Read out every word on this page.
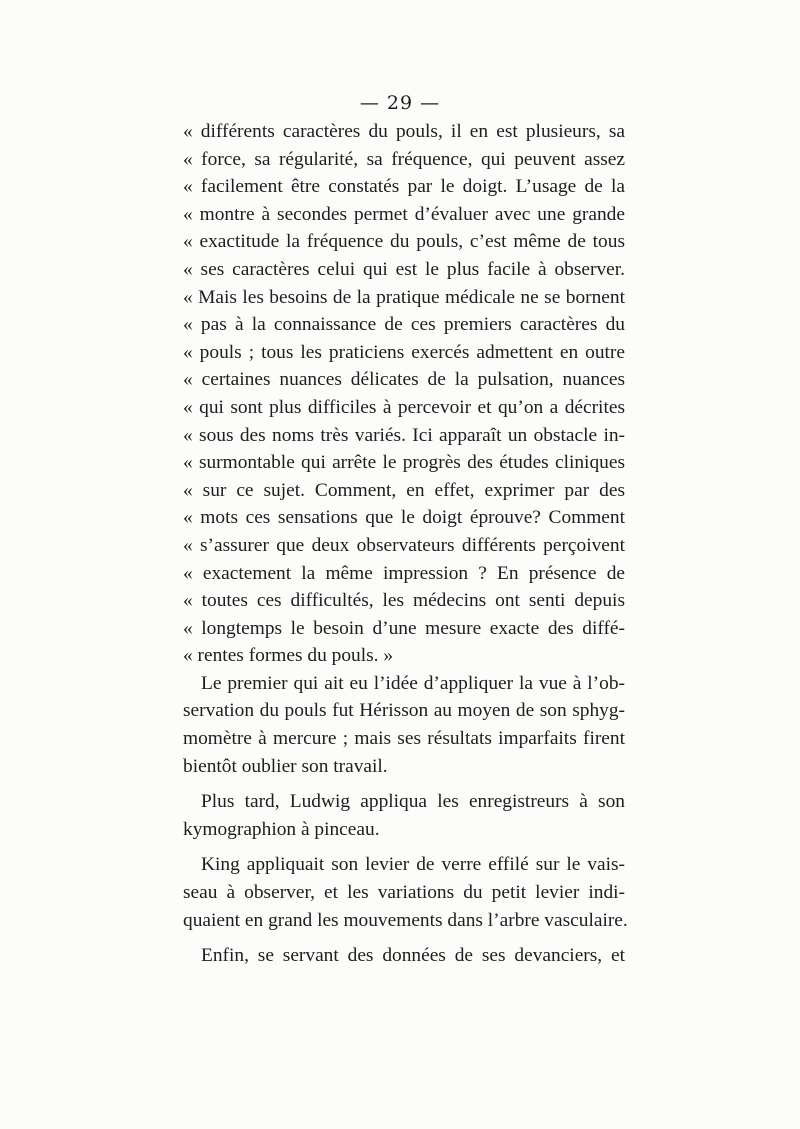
— 29 —
« différents caractères du pouls, il en est plusieurs, sa
« force, sa régularité, sa fréquence, qui peuvent assez
« facilement être constatés par le doigt. L’usage de la
« montre à secondes permet d’évaluer avec une grande
« exactitude la fréquence du pouls, c’est même de tous
« ses caractères celui qui est le plus facile à observer.
« Mais les besoins de la pratique médicale ne se bornent
« pas à la connaissance de ces premiers caractères du
« pouls ; tous les praticiens exercés admettent en outre
« certaines nuances délicates de la pulsation, nuances
« qui sont plus difficiles à percevoir et qu’on a décrites
« sous des noms très variés. Ici apparaît un obstacle in-
« surmontable qui arrête le progrès des études cliniques
« sur ce sujet. Comment, en effet, exprimer par des
« mots ces sensations que le doigt éprouve? Comment
« s’assurer que deux observateurs différents perçoivent
« exactement la même impression ? En présence de
« toutes ces difficultés, les médecins ont senti depuis
« longtemps le besoin d’une mesure exacte des diffé-
« rentes formes du pouls. »
Le premier qui ait eu l’idée d’appliquer la vue à l’ob-
servation du pouls fut Hérisson au moyen de son sphyg-
momètre à mercure ; mais ses résultats imparfaits firent
bientôt oublier son travail.
Plus tard, Ludwig appliqua les enregistreurs à son
kymographion à pinceau.
King appliquait son levier de verre effilé sur le vais-
seau à observer, et les variations du petit levier indi-
quaient en grand les mouvements dans l’arbre vasculaire.
Enfin, se servant des données de ses devanciers, et
